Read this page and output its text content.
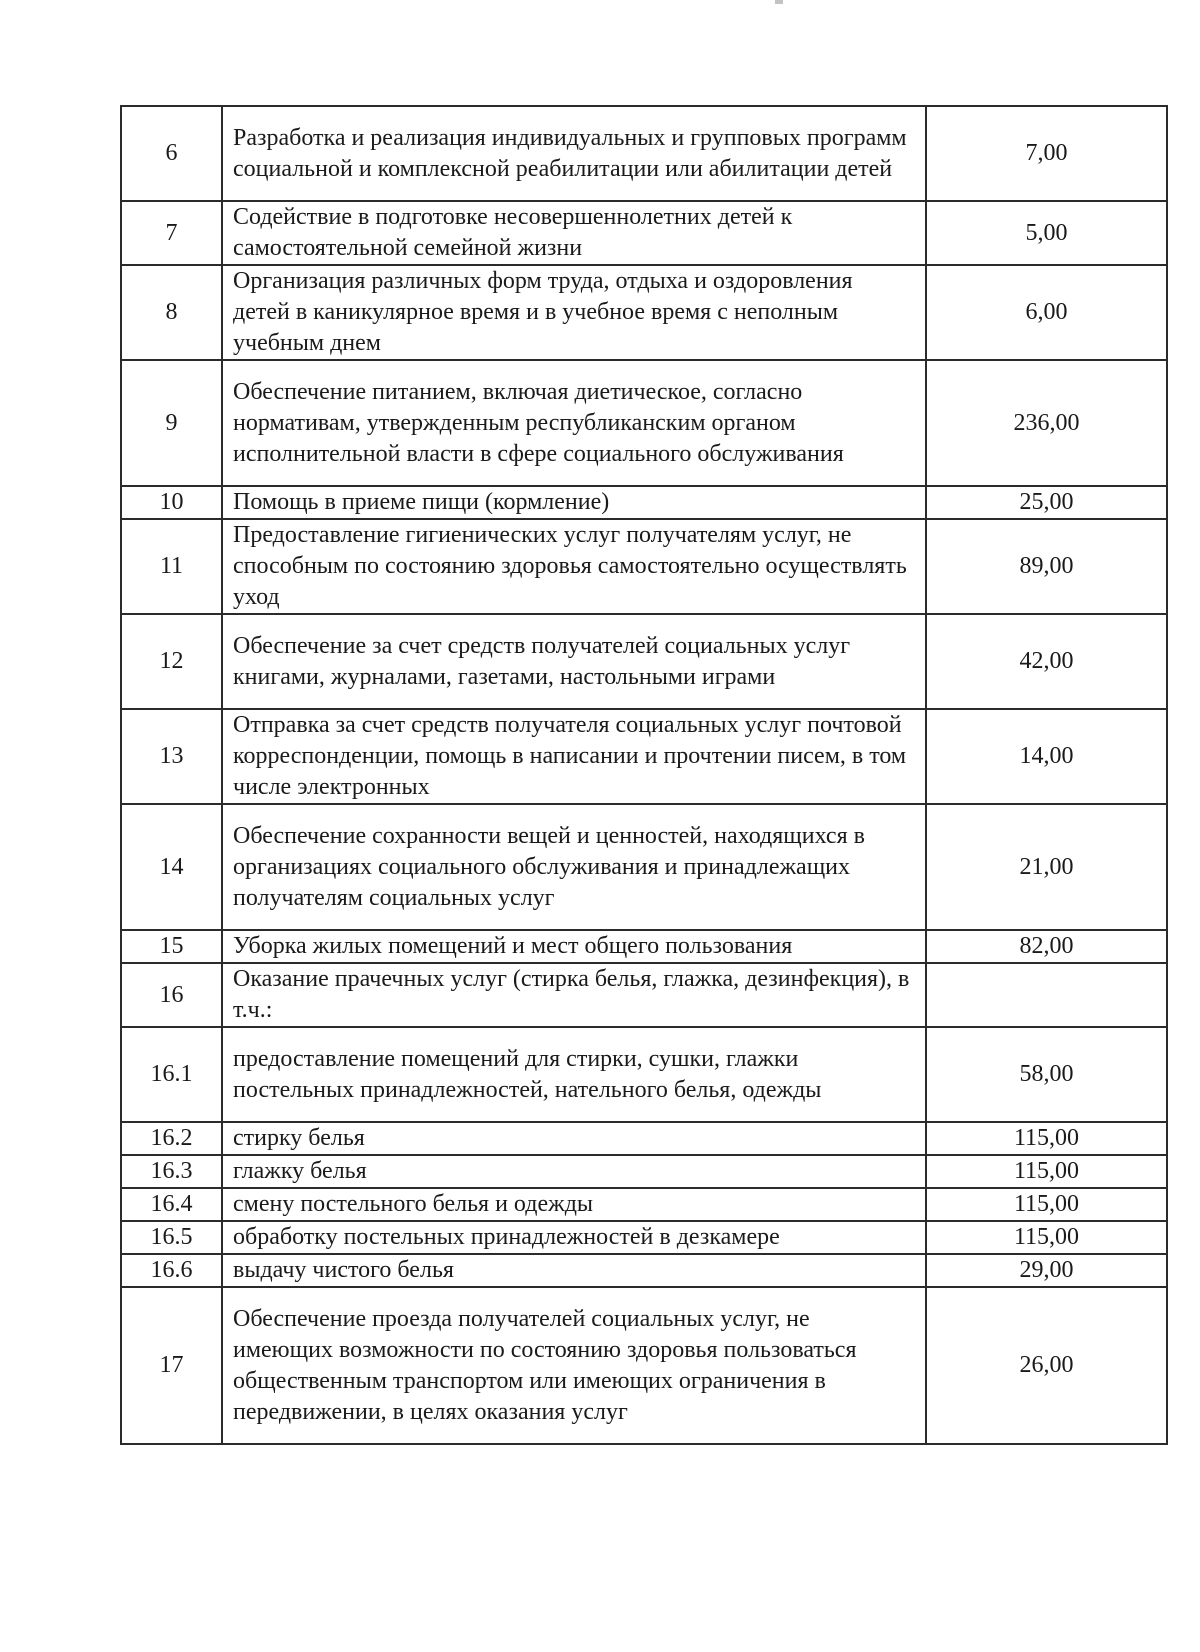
6	Разработка и реализация индивидуальных и групповых программ социальной и комплексной реабилитации или абилитации детей	7,00
7	Содействие в подготовке несовершеннолетних детей к самостоятельной семейной жизни	5,00
8	Организация различных форм труда, отдыха и оздоровления детей в каникулярное время и в учебное время с неполным учебным днем	6,00
9	Обеспечение питанием, включая диетическое, согласно нормативам, утвержденным республиканским органом исполнительной власти в сфере социального обслуживания	236,00
10	Помощь в приеме пищи (кормление)	25,00
11	Предоставление гигиенических услуг получателям услуг, не способным по состоянию здоровья самостоятельно осуществлять уход	89,00
12	Обеспечение за счет средств получателей социальных услуг книгами, журналами, газетами, настольными играми	42,00
13	Отправка за счет средств получателя социальных услуг почтовой корреспонденции, помощь в написании и прочтении писем, в том числе электронных	14,00
14	Обеспечение сохранности вещей и ценностей, находящихся в организациях социального обслуживания и принадлежащих получателям социальных услуг	21,00
15	Уборка жилых помещений и мест общего пользования	82,00
16	Оказание прачечных услуг (стирка белья, глажка, дезинфекция), в т.ч.:	
16.1	предоставление помещений для стирки, сушки, глажки постельных принадлежностей, нательного белья, одежды	58,00
16.2	стирку белья	115,00
16.3	глажку белья	115,00
16.4	смену постельного белья и одежды	115,00
16.5	обработку постельных принадлежностей в дезкамере	115,00
16.6	выдачу чистого белья	29,00
17	Обеспечение проезда получателей социальных услуг, не имеющих возможности по состоянию здоровья пользоваться общественным транспортом или имеющих ограничения в передвижении, в целях оказания услуг	26,00
